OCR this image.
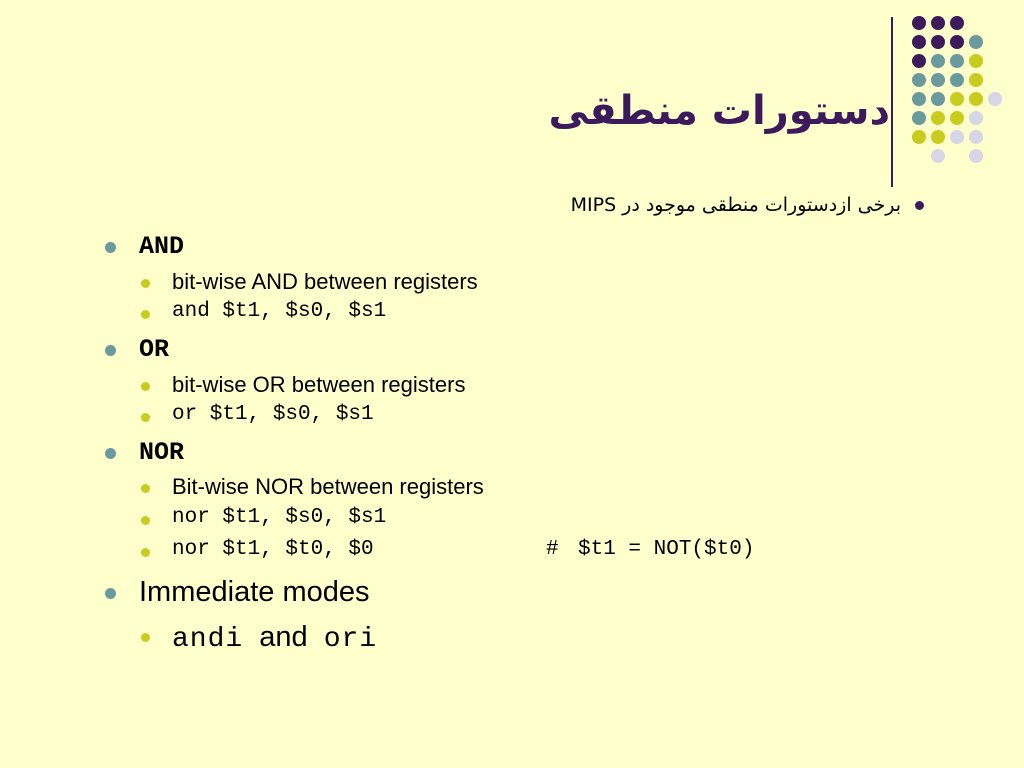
دستورات منطقی
برخی ازدستورات منطقی موجود در MIPS
AND
bit-wise AND between registers
and $t1, $s0, $s1
OR
bit-wise OR between registers
or $t1, $s0, $s1
NOR
Bit-wise NOR between registers
nor $t1, $s0, $s1
nor $t1, $t0, $0	# $t1 = NOT($t0)
Immediate modes
andi and ori
